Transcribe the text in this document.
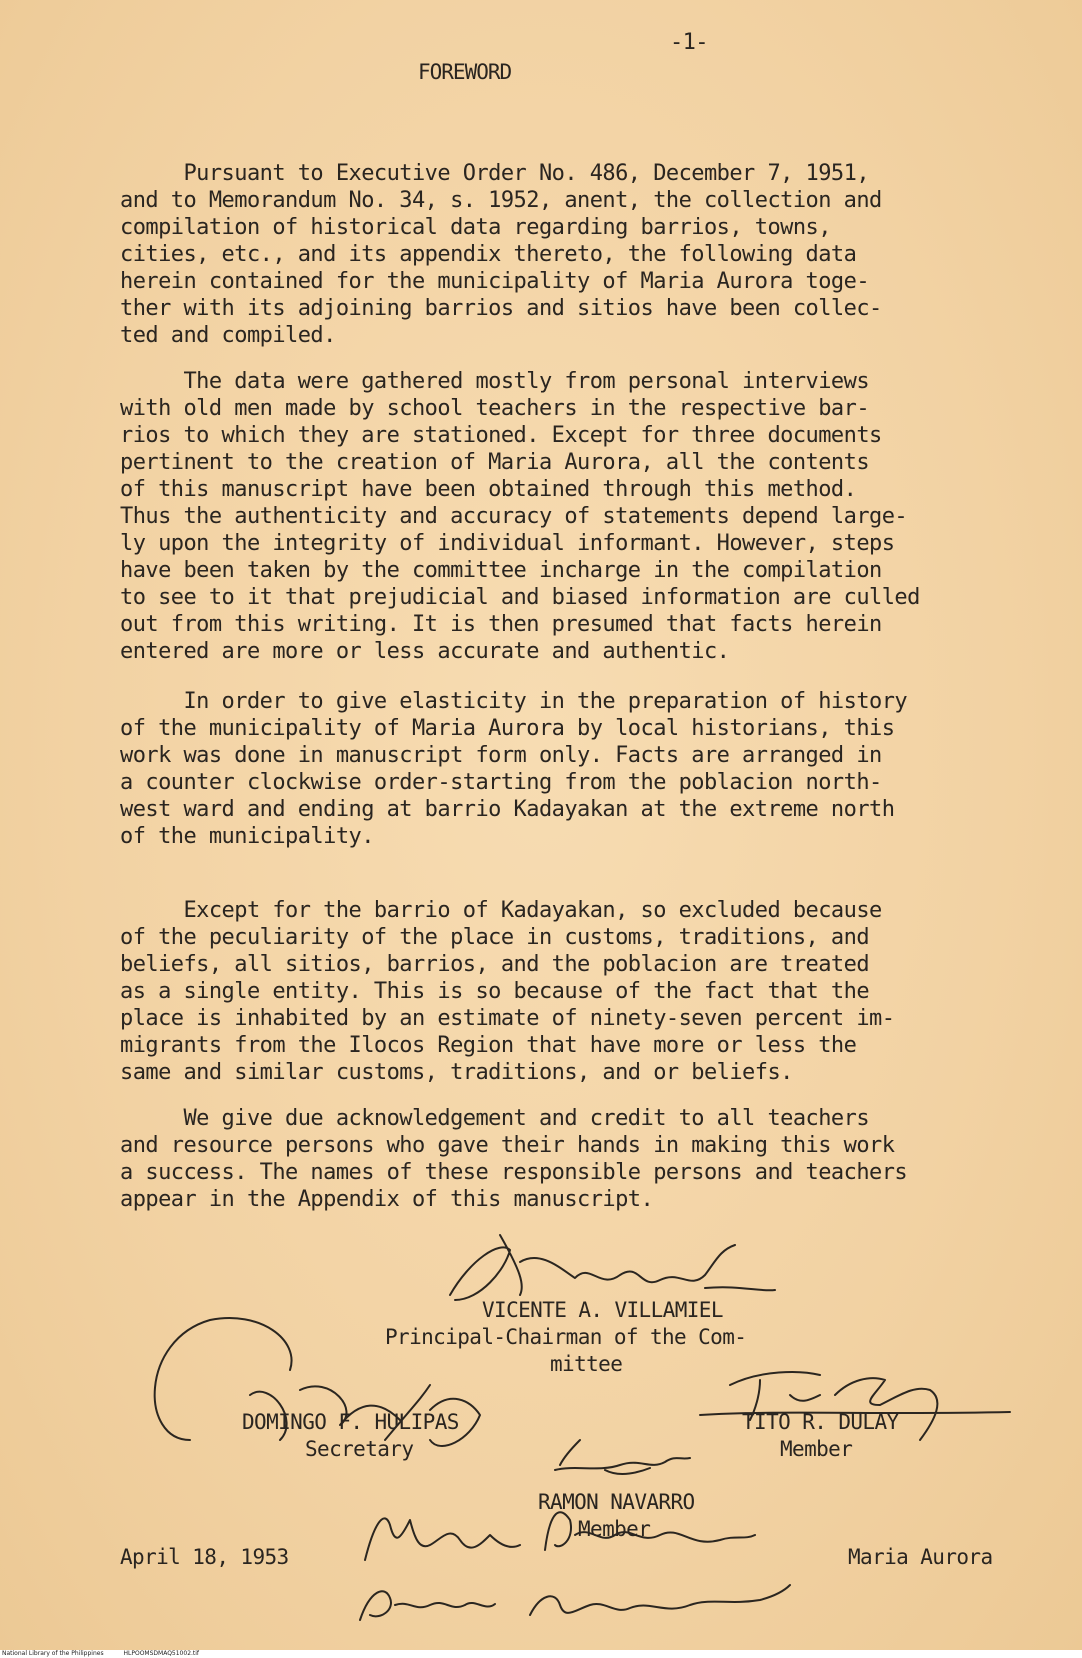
-1-
FOREWORD
Pursuant to Executive Order No. 486, December 7, 1951,
and to Memorandum No. 34, s. 1952, anent, the collection and
compilation of historical data regarding barrios, towns,
cities, etc., and its appendix thereto, the following data
herein contained for the municipality of Maria Aurora toge-
ther with its adjoining barrios and sitios have been collec-
ted and compiled.
The data were gathered mostly from personal interviews
with old men made by school teachers in the respective bar-
rios to which they are stationed. Except for three documents
pertinent to the creation of Maria Aurora, all the contents
of this manuscript have been obtained through this method.
Thus the authenticity and accuracy of statements depend large-
ly upon the integrity of individual informant. However, steps
have been taken by the committee incharge in the compilation
to see to it that prejudicial and biased information are culled
out from this writing. It is then presumed that facts herein
entered are more or less accurate and authentic.
In order to give elasticity in the preparation of history
of the municipality of Maria Aurora by local historians, this
work was done in manuscript form only. Facts are arranged in
a counter clockwise order-starting from the poblacion north-
west ward and ending at barrio Kadayakan at the extreme north
of the municipality.
Except for the barrio of Kadayakan, so excluded because
of the peculiarity of the place in customs, traditions, and
beliefs, all sitios, barrios, and the poblacion are treated
as a single entity. This is so because of the fact that the
place is inhabited by an estimate of ninety-seven percent im-
migrants from the Ilocos Region that have more or less the
same and similar customs, traditions, and or beliefs.
We give due acknowledgement and credit to all teachers
and resource persons who gave their hands in making this work
a success. The names of these responsible persons and teachers
appear in the Appendix of this manuscript.
VICENTE A. VILLAMIEL
Principal-Chairman of the Com-
mittee
DOMINGO F. HULIPAS
Secretary
TITO R. DULAY
Member
RAMON NAVARRO
Member
April 18, 1953	Maria Aurora
National Library of the Philippines	HLPOOMSDMAQ51002.tif
